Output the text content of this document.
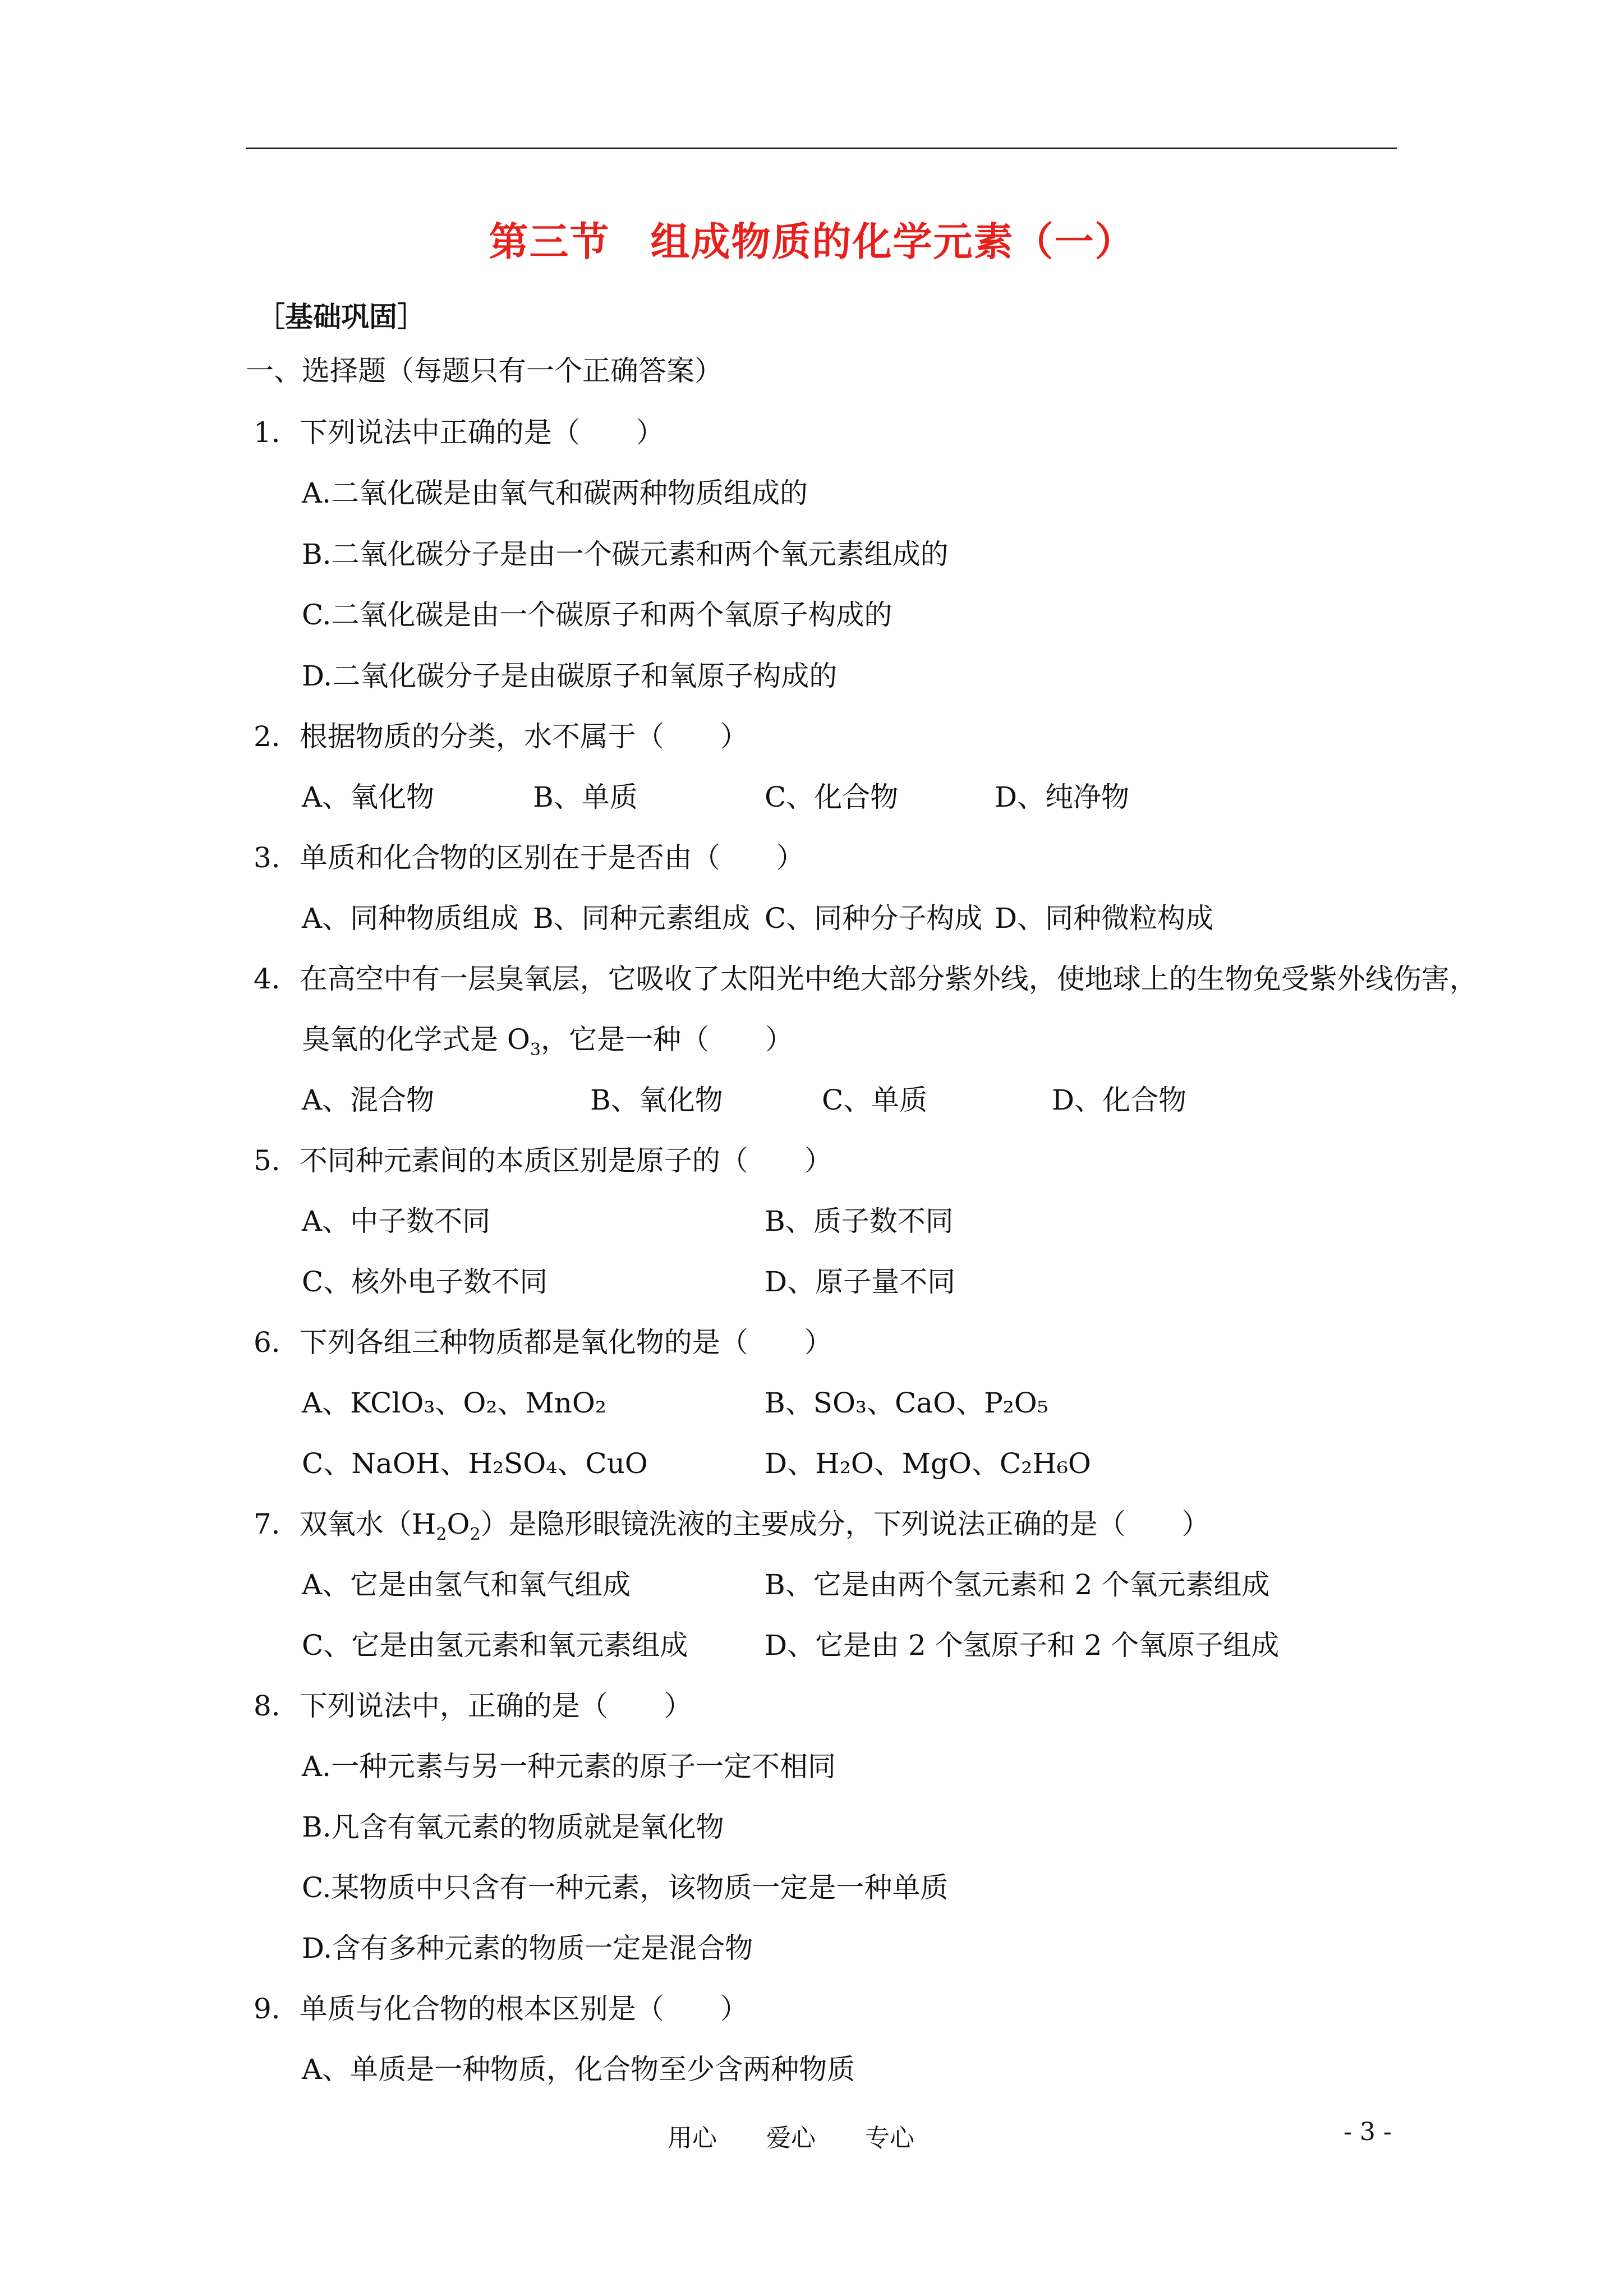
第三节　组成物质的化学元素（一）
［基础巩固］
一、选择题（每题只有一个正确答案）
1．下列说法中正确的是（　　）
A.二氧化碳是由氧气和碳两种物质组成的
B.二氧化碳分子是由一个碳元素和两个氧元素组成的
C.二氧化碳是由一个碳原子和两个氧原子构成的
D.二氧化碳分子是由碳原子和氧原子构成的
2．根据物质的分类，水不属于（　　）
A、氧化物	B、单质	C、化合物	D、纯净物
3．单质和化合物的区别在于是否由（　　）
A、同种物质组成 B、同种元素组成 C、同种分子构成 D、同种微粒构成
4．在高空中有一层臭氧层，它吸收了太阳光中绝大部分紫外线，使地球上的生物免受紫外线伤害，
臭氧的化学式是 $O_3$，它是一种（　　）
A、混合物	B、氧化物	C、单质	D、化合物
5．不同种元素间的本质区别是原子的（　　）
A、中子数不同	B、质子数不同
C、核外电子数不同	D、原子量不同
6．下列各组三种物质都是氧化物的是（　　）
A、KClO₃、O₂、MnO₂	B、SO₃、CaO、P₂O₅
C、NaOH、H₂SO₄、CuO	D、H₂O、MgO、C₂H₆O
7．双氧水$(H_2O_2)$是隐形眼镜洗液的主要成分，下列说法正确的是（　　）
A、它是由氢气和氧气组成	B、它是由两个氢元素和 2 个氧元素组成
C、它是由氢元素和氧元素组成	D、它是由 2 个氢原子和 2 个氧原子组成
8．下列说法中，正确的是（　　）
A.一种元素与另一种元素的原子一定不相同
B.凡含有氧元素的物质就是氧化物
C.某物质中只含有一种元素，该物质一定是一种单质
D.含有多种元素的物质一定是混合物
9．单质与化合物的根本区别是（　　）
A、单质是一种物质，化合物至少含两种物质
用心　　爱心　　专心	- 3 -
